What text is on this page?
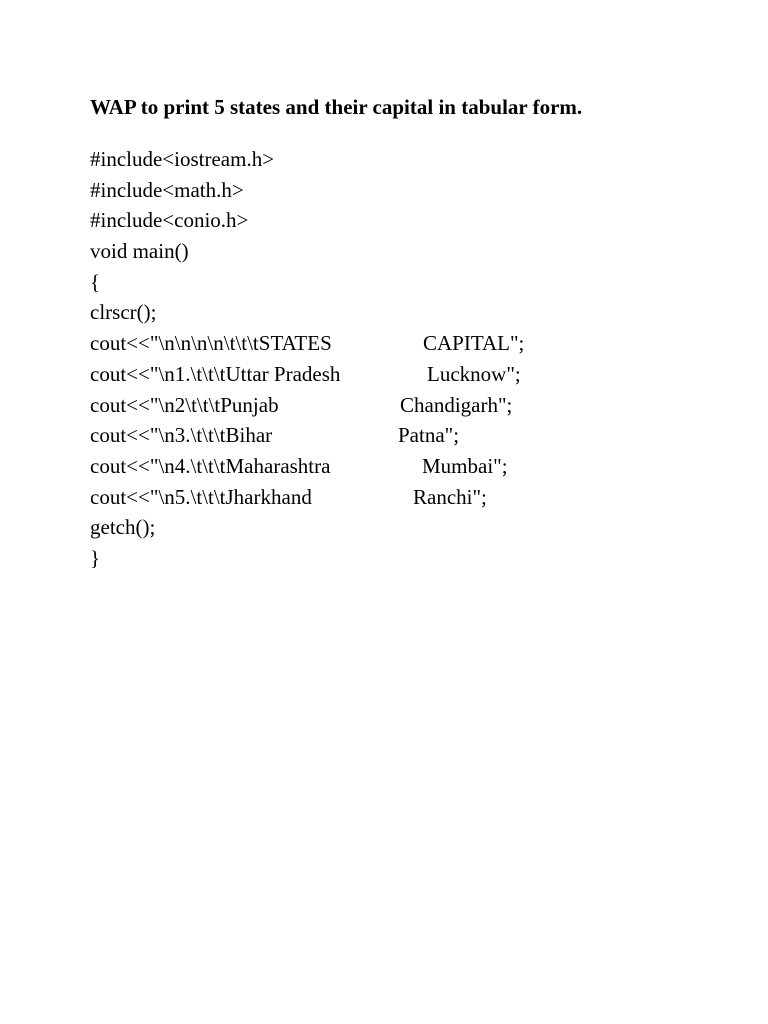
WAP to print 5 states and their capital in tabular form.
#include<iostream.h>
#include<math.h>
#include<conio.h>
void main()
{
clrscr();
cout<<"\n\n\n\n\t\t\tSTATES	CAPITAL";
cout<<"\n1.\t\t\tUttar Pradesh	Lucknow";
cout<<"\n2\t\t\tPunjab	Chandigarh";
cout<<"\n3.\t\t\tBihar	Patna";
cout<<"\n4.\t\t\tMaharashtra	Mumbai";
cout<<"\n5.\t\t\tJharkhand	Ranchi";
getch();
}
